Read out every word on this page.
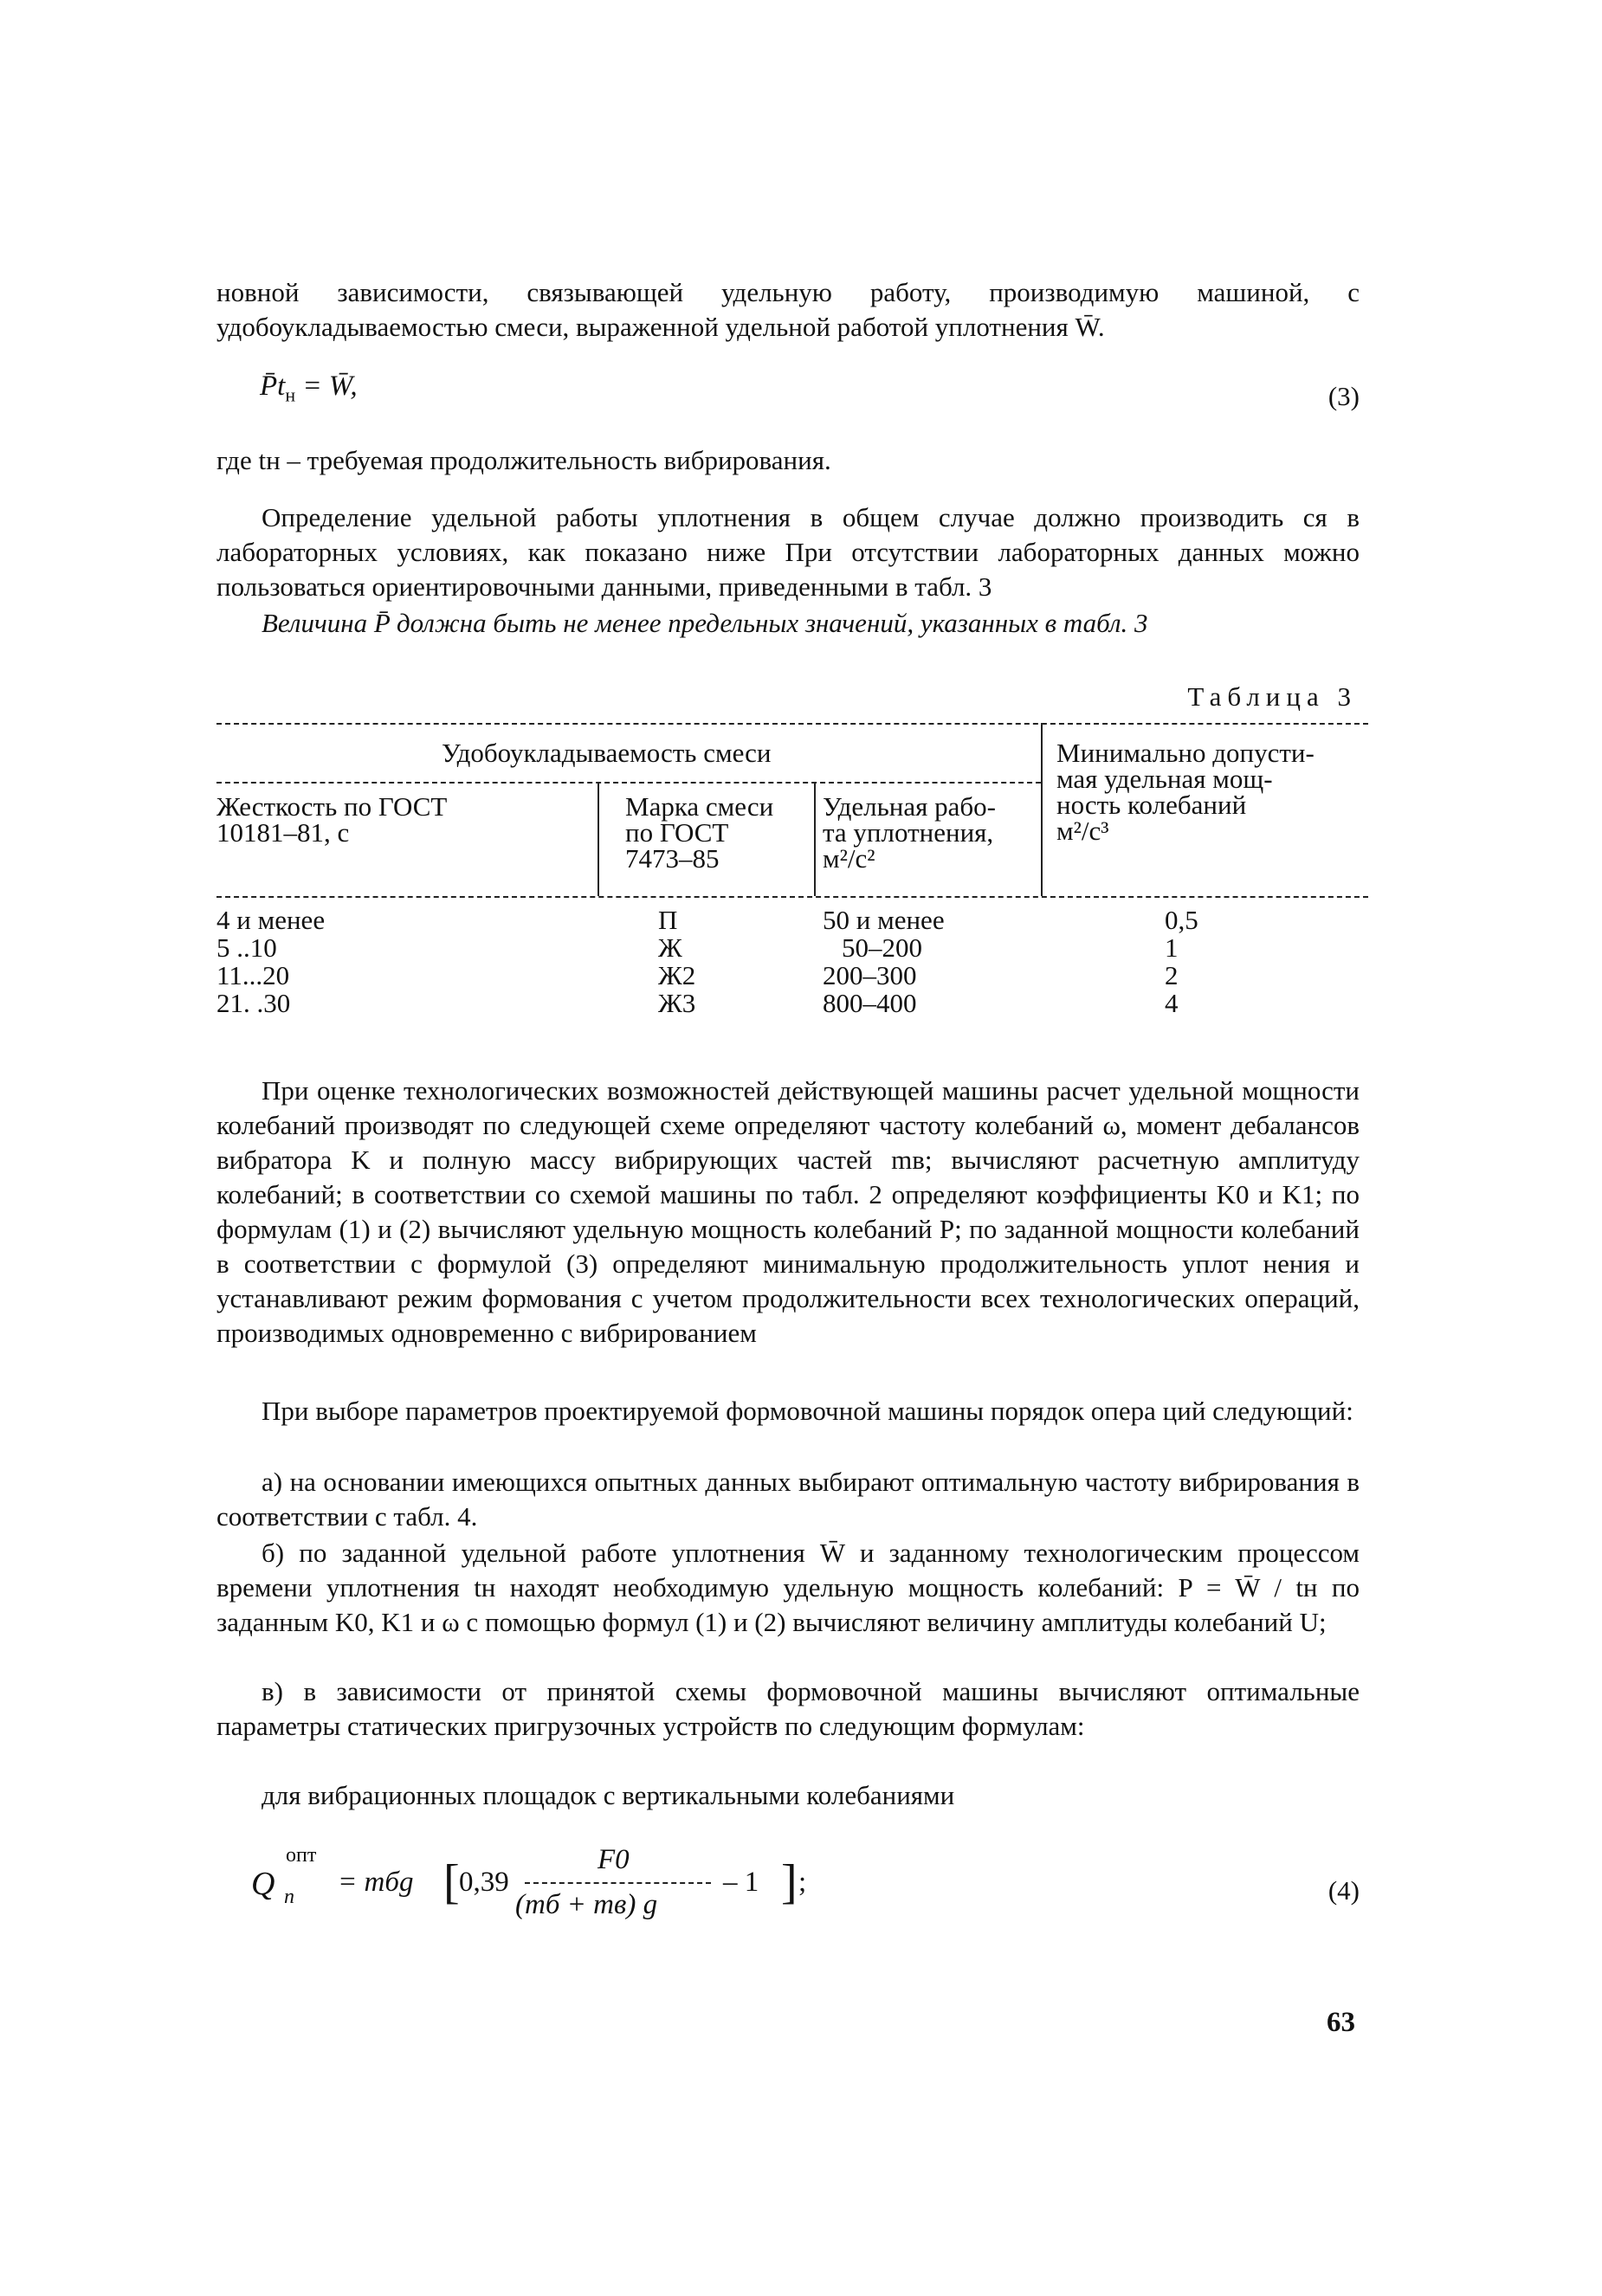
новной зависимости, связывающей удельную работу, производимую машиной, с удобоукладываемостью смеси, выраженной удельной работой уплотнения W̄.

$P̄t_н$ = W̄,	(3)

где tн – требуемая продолжительность вибрирования.

Определение удельной работы уплотнения в общем случае должно производить ся в лабораторных условиях, как показано ниже При отсутствии лабораторных данных можно пользоваться ориентировочными данными, приведенными в табл. 3

Величина P̄ должна быть не менее предельных значений, указанных в табл. 3

Таблица 3
Удобоукладываемость смеси
Жесткость по ГОСТ
10181–81, с
Марка смеси
по ГОСТ
7473–85
Удельная рабо-
та уплотнения,
м²/с²
Минимально допусти-
мая удельная мощ-
ность колебаний
м²/с³
4 и менее
5 ..10
11...20
21. .30
П
Ж
Ж2
Ж3
50 и менее
50–200
200–300
800–400
0,5
1
2
4

При оценке технологических возможностей действующей машины расчет удельной мощности колебаний производят по следующей схеме определяют частоту колебаний ω, момент дебалансов вибратора K и полную массу вибрирующих частей mв; вычисляют расчетную амплитуду колебаний; в соответствии со схемой машины по табл. 2 определяют коэффициенты K0 и K1; по формулам (1) и (2) вычисляют удельную мощность колебаний P; по заданной мощности колебаний в соответствии с формулой (3) определяют минимальную продолжительность уплот нения и устанавливают режим формования с учетом продолжительности всех технологических операций, производимых одновременно с вибрированием

При выборе параметров проектируемой формовочной машины порядок опера ций следующий:

а) на основании имеющихся опытных данных выбирают оптимальную частоту вибрирования в соответствии с табл. 4.

б) по заданной удельной работе уплотнения W̄ и заданному технологическим процессом времени уплотнения tн находят необходимую удельную мощность колебаний: P = W̄ / tн по заданным K0, K1 и ω с помощью формул (1) и (2) вычисляют величину амплитуды колебаний U;

в) в зависимости от принятой схемы формовочной машины вычисляют оптимальные параметры статических пригрузочных устройств по следующим формулам:

для вибрационных площадок с вертикальными колебаниями

Q
опт
n = mбg [ 0,39
F0
(mб + mв) g
– 1 ] ;	(4)
63
